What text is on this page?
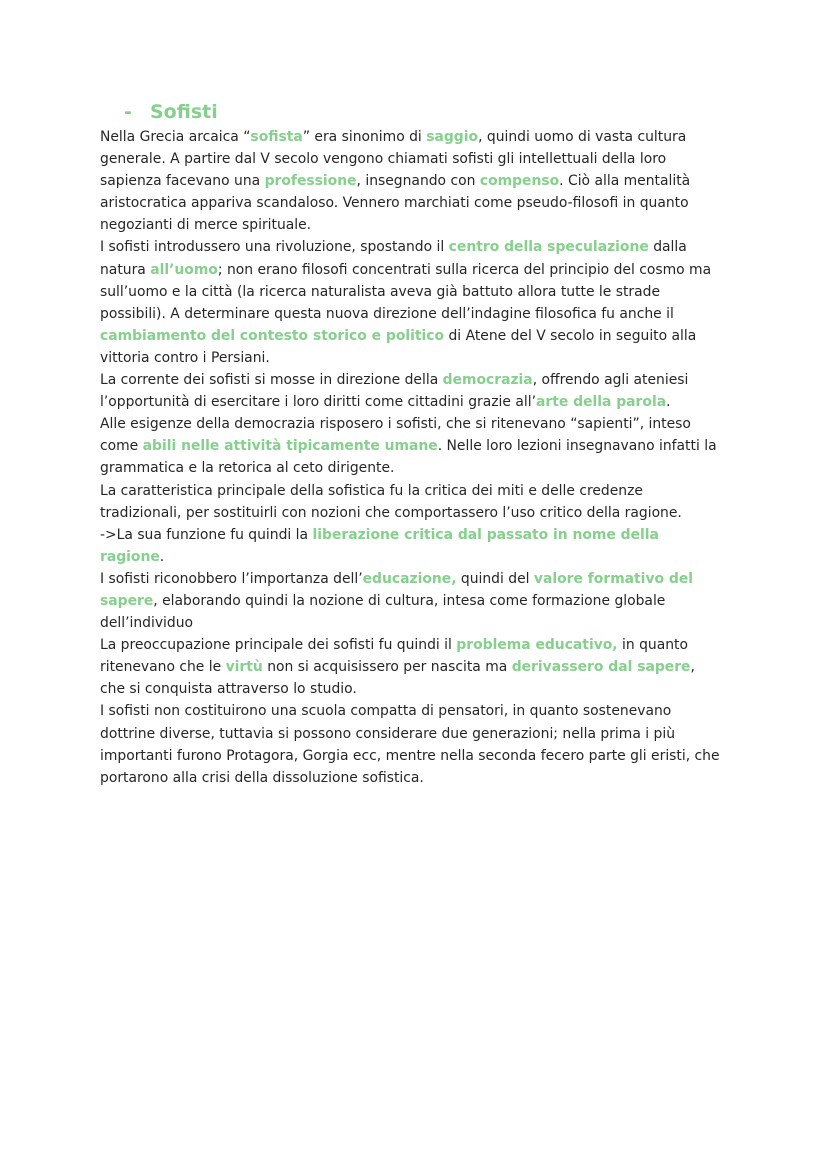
- Sofisti

Nella Grecia arcaica “sofista” era sinonimo di saggio, quindi uomo di vasta cultura generale. A partire dal V secolo vengono chiamati sofisti gli intellettuali della loro sapienza facevano una professione, insegnando con compenso. Ciò alla mentalità aristocratica appariva scandaloso. Vennero marchiati come pseudo-filosofi in quanto negozianti di merce spirituale.

I sofisti introdussero una rivoluzione, spostando il centro della speculazione dalla natura all’uomo; non erano filosofi concentrati sulla ricerca del principio del cosmo ma sull’uomo e la città (la ricerca naturalista aveva già battuto allora tutte le strade possibili). A determinare questa nuova direzione dell’indagine filosofica fu anche il cambiamento del contesto storico e politico di Atene del V secolo in seguito alla vittoria contro i Persiani.

La corrente dei sofisti si mosse in direzione della democrazia, offrendo agli ateniesi l’opportunità di esercitare i loro diritti come cittadini grazie all’arte della parola.

Alle esigenze della democrazia risposero i sofisti, che si ritenevano “sapienti”, inteso come abili nelle attività tipicamente umane. Nelle loro lezioni insegnavano infatti la grammatica e la retorica al ceto dirigente.

La caratteristica principale della sofistica fu la critica dei miti e delle credenze tradizionali, per sostituirli con nozioni che comportassero l’uso critico della ragione.

->La sua funzione fu quindi la liberazione critica dal passato in nome della ragione.

I sofisti riconobbero l’importanza dell’educazione, quindi del valore formativo del sapere, elaborando quindi la nozione di cultura, intesa come formazione globale dell’individuo

La preoccupazione principale dei sofisti fu quindi il problema educativo, in quanto ritenevano che le virtù non si acquisissero per nascita ma derivassero dal sapere, che si conquista attraverso lo studio.

I sofisti non costituirono una scuola compatta di pensatori, in quanto sostenevano dottrine diverse, tuttavia si possono considerare due generazioni; nella prima i più importanti furono Protagora, Gorgia ecc, mentre nella seconda fecero parte gli eristi, che portarono alla crisi della dissoluzione sofistica.
